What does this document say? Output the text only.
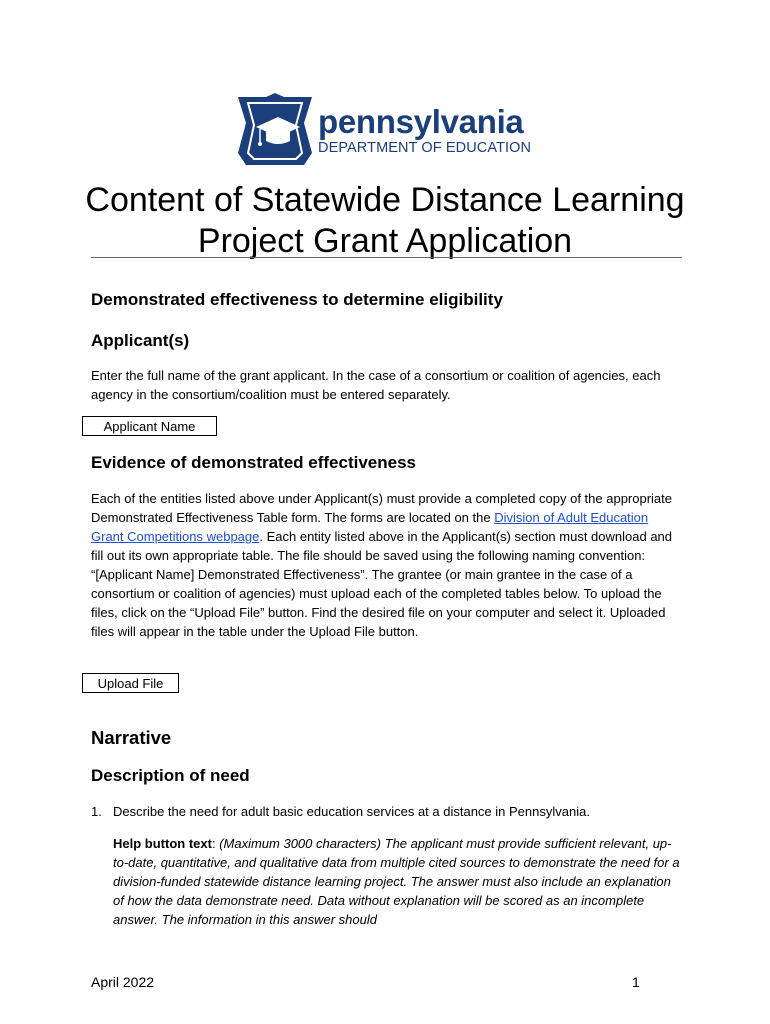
pennsylvania
DEPARTMENT OF EDUCATION
Content of Statewide Distance Learning
Project Grant Application
Demonstrated effectiveness to determine eligibility
Applicant(s)
Enter the full name of the grant applicant. In the case of a consortium or coalition of agencies, each agency in the consortium/coalition must be entered separately.
Applicant Name
Evidence of demonstrated effectiveness
Each of the entities listed above under Applicant(s) must provide a completed copy of the appropriate Demonstrated Effectiveness Table form. The forms are located on the Division of Adult Education Grant Competitions webpage. Each entity listed above in the Applicant(s) section must download and fill out its own appropriate table. The file should be saved using the following naming convention: “[Applicant Name] Demonstrated Effectiveness”. The grantee (or main grantee in the case of a consortium or coalition of agencies) must upload each of the completed tables below. To upload the files, click on the “Upload File” button. Find the desired file on your computer and select it. Uploaded files will appear in the table under the Upload File button.
Upload File
Narrative
Description of need
1. Describe the need for adult basic education services at a distance in Pennsylvania.
Help button text: (Maximum 3000 characters) The applicant must provide sufficient relevant, up-to-date, quantitative, and qualitative data from multiple cited sources to demonstrate the need for a division-funded statewide distance learning project. The answer must also include an explanation of how the data demonstrate need. Data without explanation will be scored as an incomplete answer. The information in this answer should
April 2022	1
